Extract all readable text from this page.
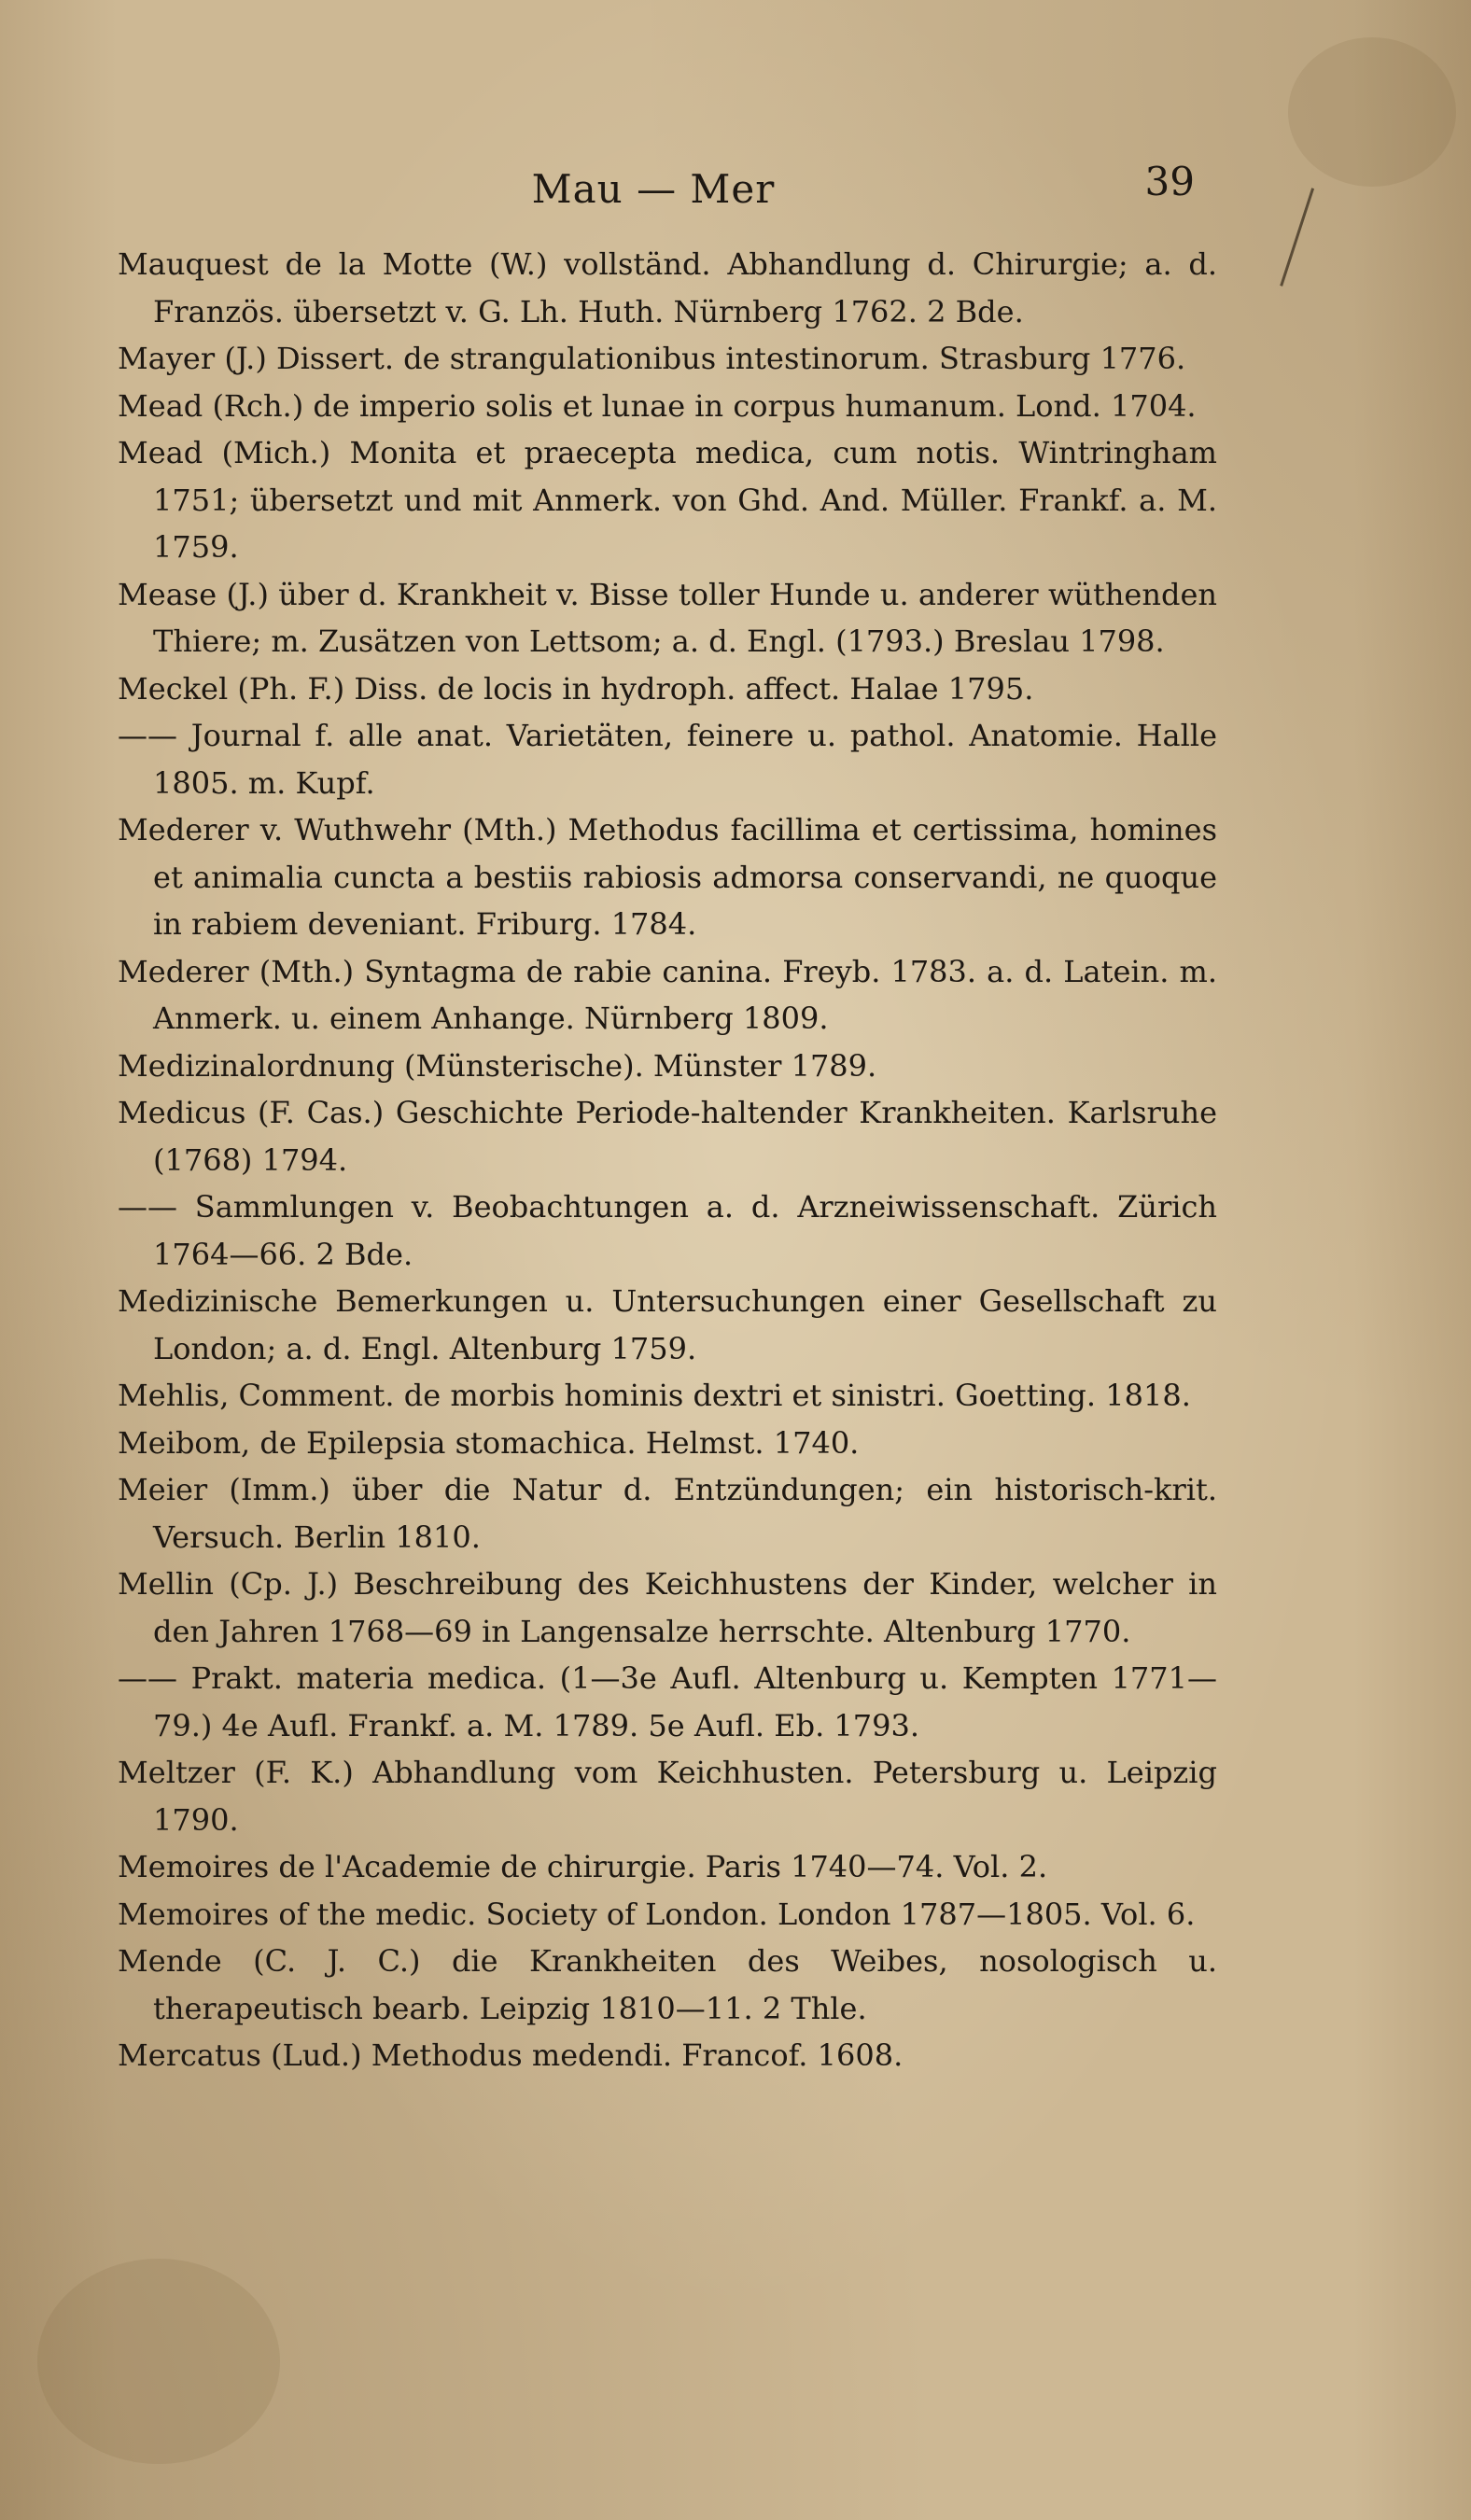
Mau — Mer	39
Mauquest de la Motte (W.) vollständ. Abhandlung d. Chirurgie; a. d. Französ. übersetzt v. G. Lh. Huth. Nürnberg 1762. 2 Bde.
Mayer (J.) Dissert. de strangulationibus intestinorum. Strasburg 1776.
Mead (Rch.) de imperio solis et lunae in corpus humanum. Lond. 1704.
Mead (Mich.) Monita et praecepta medica, cum notis. Wintringham 1751; übersetzt und mit Anmerk. von Ghd. And. Müller. Frankf. a. M. 1759.
Mease (J.) über d. Krankheit v. Bisse toller Hunde u. anderer wüthenden Thiere; m. Zusätzen von Lettsom; a. d. Engl. (1793.) Breslau 1798.
Meckel (Ph. F.) Diss. de locis in hydroph. affect. Halae 1795.
—— Journal f. alle anat. Varietäten, feinere u. pathol. Anatomie. Halle 1805. m. Kupf.
Mederer v. Wuthwehr (Mth.) Methodus facillima et certissima, homines et animalia cuncta a bestiis rabiosis admorsa conservandi, ne quoque in rabiem deveniant. Friburg. 1784.
Mederer (Mth.) Syntagma de rabie canina. Freyb. 1783. a. d. Latein. m. Anmerk. u. einem Anhange. Nürnberg 1809.
Medizinalordnung (Münsterische). Münster 1789.
Medicus (F. Cas.) Geschichte Periode-haltender Krankheiten. Karlsruhe (1768) 1794.
—— Sammlungen v. Beobachtungen a. d. Arzneiwissenschaft. Zürich 1764—66. 2 Bde.
Medizinische Bemerkungen u. Untersuchungen einer Gesellschaft zu London; a. d. Engl. Altenburg 1759.
Mehlis, Comment. de morbis hominis dextri et sinistri. Goetting. 1818.
Meibom, de Epilepsia stomachica. Helmst. 1740.
Meier (Imm.) über die Natur d. Entzündungen; ein historisch-krit. Versuch. Berlin 1810.
Mellin (Cp. J.) Beschreibung des Keichhustens der Kinder, welcher in den Jahren 1768—69 in Langensalze herrschte. Altenburg 1770.
—— Prakt. materia medica. (1—3e Aufl. Altenburg u. Kempten 1771—79.) 4e Aufl. Frankf. a. M. 1789. 5e Aufl. Eb. 1793.
Meltzer (F. K.) Abhandlung vom Keichhusten. Petersburg u. Leipzig 1790.
Memoires de l'Academie de chirurgie. Paris 1740—74. Vol. 2.
Memoires of the medic. Society of London. London 1787—1805. Vol. 6.
Mende (C. J. C.) die Krankheiten des Weibes, nosologisch u. therapeutisch bearb. Leipzig 1810—11. 2 Thle.
Mercatus (Lud.) Methodus medendi. Francof. 1608.
